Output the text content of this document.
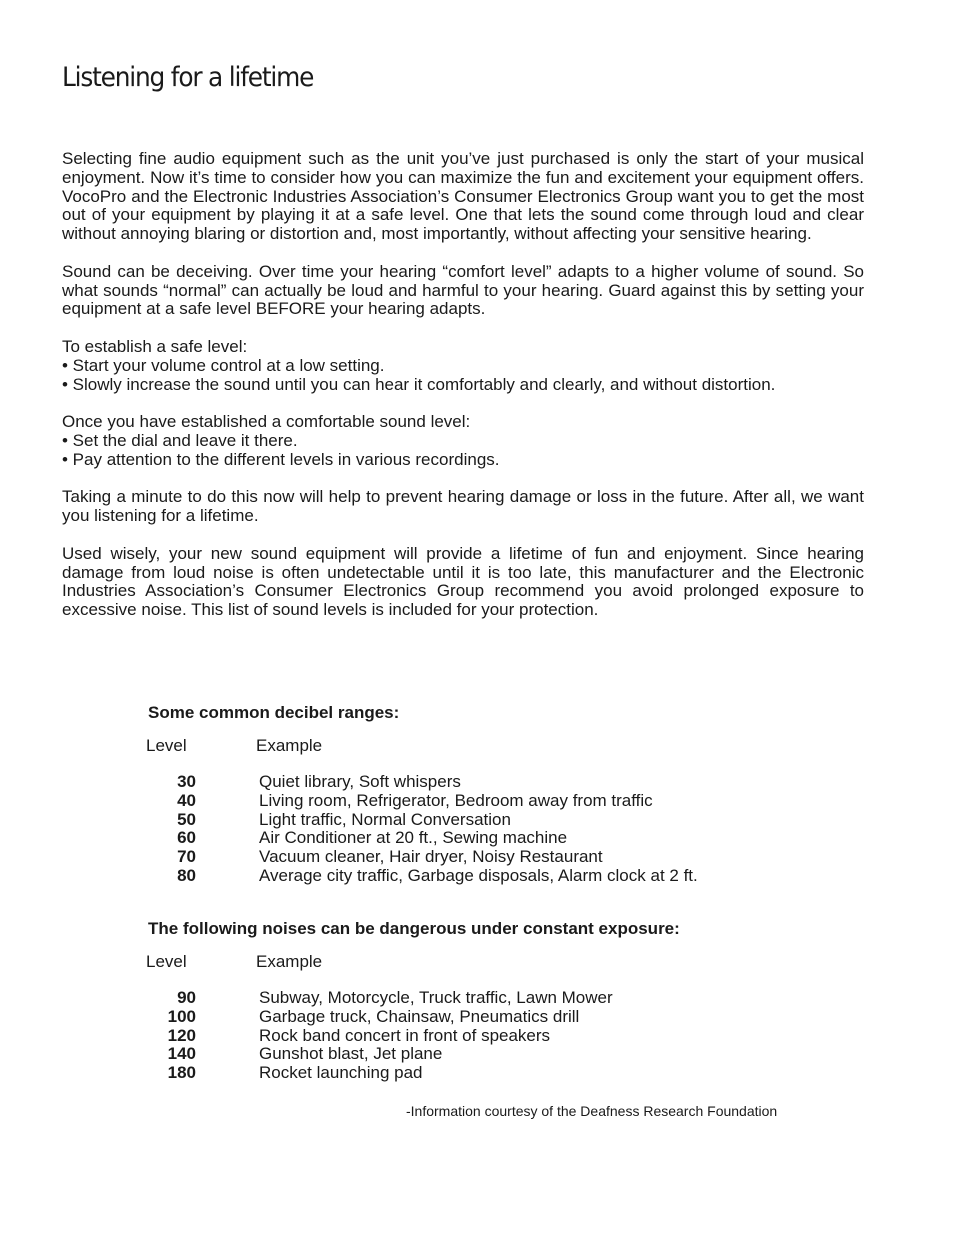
Listening for a lifetime

Selecting fine audio equipment such as the unit you’ve just purchased is only the start of your musical enjoyment. Now it’s time to consider how you can maximize the fun and excitement your equipment offers. VocoPro and the Electronic Industries Association’s Consumer Electronics Group want you to get the most out of your equipment by playing it at a safe level. One that lets the sound come through loud and clear without annoying blaring or distortion and, most importantly, without affecting your sensitive hearing.

Sound can be deceiving. Over time your hearing “comfort level” adapts to a higher volume of sound. So what sounds “normal” can actually be loud and harmful to your hearing. Guard against this by setting your equipment at a safe level BEFORE your hearing adapts.

To establish a safe level:

• Start your volume control at a low setting.
• Slowly increase the sound until you can hear it comfortably and clearly, and without distortion.

Once you have established a comfortable sound level:

• Set the dial and leave it there.
• Pay attention to the different levels in various recordings.

Taking a minute to do this now will help to prevent hearing damage or loss in the future. After all, we want you listening for a lifetime.

Used wisely, your new sound equipment will provide a lifetime of fun and enjoyment. Since hearing damage from loud noise is often undetectable until it is too late, this manufacturer and the Electronic Industries Association’s Consumer Electronics Group recommend you avoid prolonged exposure to excessive noise. This list of sound levels is included for your protection.

Some common decibel ranges:
Level	Example
30	Quiet library, Soft whispers
40	Living room, Refrigerator, Bedroom away from traffic
50	Light traffic, Normal Conversation
60	Air Conditioner at 20 ft., Sewing machine
70	Vacuum cleaner, Hair dryer, Noisy Restaurant
80	Average city traffic, Garbage disposals, Alarm clock at 2 ft.
The following noises can be dangerous under constant exposure:
Level	Example
90	Subway, Motorcycle, Truck traffic, Lawn Mower
100	Garbage truck, Chainsaw, Pneumatics drill
120	Rock band concert in front of speakers
140	Gunshot blast, Jet plane
180	Rocket launching pad
-Information courtesy of the Deafness Research Foundation
